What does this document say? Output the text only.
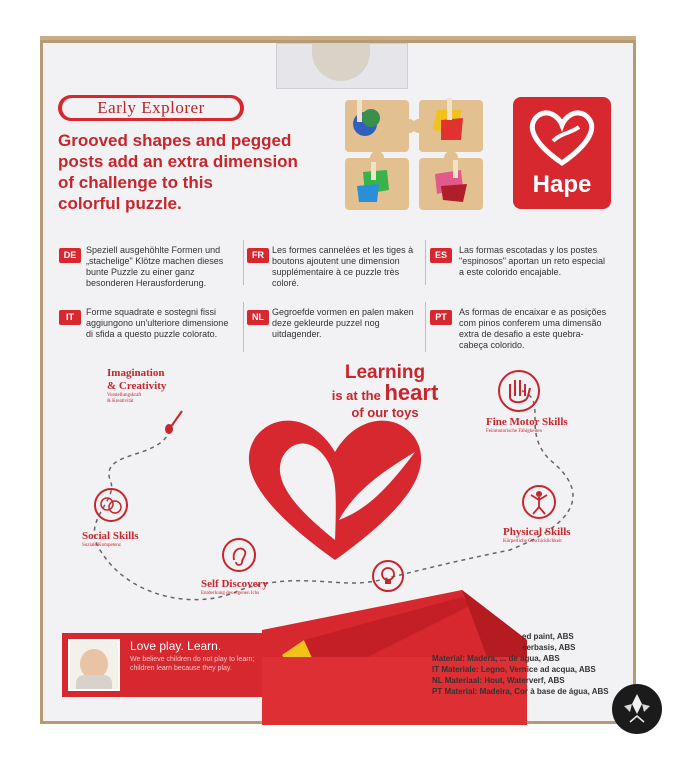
Early Explorer
Grooved shapes and pegged
posts add an extra dimension
of challenge to this
colorful puzzle.
Hape
DE	Speziell ausgehöhlte Formen und „stachelige" Klötze machen dieses bunte Puzzle zu einer ganz besonderen Herausforderung.
FR Les formes cannelées et les tiges à boutons ajoutent une dimension supplémentaire à ce puzzle très coloré.
ES	Las formas escotadas y los postes "espinosos" aportan un reto especial a este colorido encajable.
IT	Forme squadrate e sostegni fissi aggiungono un'ulteriore dimensione di sfida a questo puzzle colorato.
NL Gegroefde vormen en palen maken deze gekleurde puzzel nog uitdagender.
PT	As formas de encaixar e as posições com pinos conferem uma dimensão extra de desafio a este quebra-cabeça colorido.
Learning
is at the heart
of our toys
Imagination
& Creativity
Vorstellungskraft
& Kreativität
Fine Motor Skills
Feinmotorische Fähigkeiten
Social Skills
Soziale Kompetenz
Physical Skills
Körperliche Geschicklichkeit
Self Discovery
Entdeckung des eigenen Ichs
Love play. Learn.
We believe children do not play to learn; children learn because they play.
ed paint, ABS
serbasis, ABS
Material: Madera, ... de agua, ABS
IT Materiale: Legno, Vernice ad acqua, ABS
NL Materiaal: Hout, Waterverf, ABS
PT Material: Madeira, Cor à base de água, ABS
